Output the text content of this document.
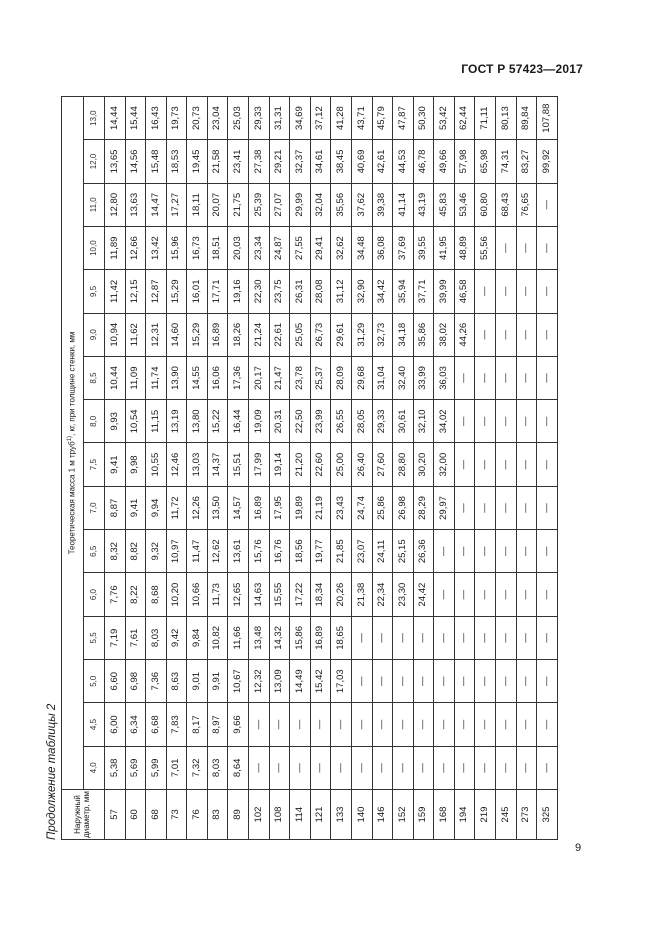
ГОСТ Р 57423—2017
Продолжение таблицы 2 Наружный диаметр, мм	Теоретическая масса 1 м труб$^{1)}$, кг, при толщине стенки, мм															
	4,0	4,5	5,0	5,5	6,0	6,5	7,0	7,5	8,0	8,5	9,0	9,5	10,0	11,0	12,0	13,0
57	5,38	6,00	6,60	7,19	7,76	8,32	8,87	9,41	9,93	10,44	10,94	11,42	11,89	12,80	13,65	14,44
60	5,69	6,34	6,98	7,61	8,22	8,82	9,41	9,98	10,54	11,09	11,62	12,15	12,66	13,63	14,56	15,44
68	5,99	6,68	7,36	8,03	8,68	9,32	9,94	10,55	11,15	11,74	12,31	12,87	13,42	14,47	15,48	16,43
73	7,01	7,83	8,63	9,42	10,20	10,97	11,72	12,46	13,19	13,90	14,60	15,29	15,96	17,27	18,53	19,73
76	7,32	8,17	9,01	9,84	10,66	11,47	12,26	13,03	13,80	14,55	15,29	16,01	16,73	18,11	19,45	20,73
83	8,03	8,97	9,91	10,82	11,73	12,62	13,50	14,37	15,22	16,06	16,89	17,71	18,51	20,07	21,58	23,04
89	8,64	9,66	10,67	11,66	12,65	13,61	14,57	15,51	16,44	17,36	18,26	19,16	20,03	21,75	23,41	25,03
102	—	—	12,32	13,48	14,63	15,76	16,89	17,99	19,09	20,17	21,24	22,30	23,34	25,39	27,38	29,33
108	—	—	13,09	14,32	15,55	16,76	17,95	19,14	20,31	21,47	22,61	23,75	24,87	27,07	29,21	31,31
114	—	—	14,49	15,86	17,22	18,56	19,89	21,20	22,50	23,78	25,05	26,31	27,55	29,99	32,37	34,69
121	—	—	15,42	16,89	18,34	19,77	21,19	22,60	23,99	25,37	26,73	28,08	29,41	32,04	34,61	37,12
133	—	—	17,03	18,65	20,26	21,85	23,43	25,00	26,55	28,09	29,61	31,12	32,62	35,56	38,45	41,28
140	—	—	—	—	21,38	23,07	24,74	26,40	28,05	29,68	31,29	32,90	34,48	37,62	40,69	43,71
146	—	—	—	—	22,34	24,11	25,86	27,60	29,33	31,04	32,73	34,42	36,08	39,38	42,61	45,79
152	—	—	—	—	23,30	25,15	26,98	28,80	30,61	32,40	34,18	35,94	37,69	41,14	44,53	47,87
159	—	—	—	—	24,42	26,36	28,29	30,20	32,10	33,99	35,86	37,71	39,55	43,19	46,78	50,30
168	—	—	—	—	—	—	29,97	32,00	34,02	36,03	38,02	39,99	41,95	45,83	49,66	53,42
194	—	—	—	—	—	—	—	—	—	—	44,26	46,58	48,89	53,46	57,98	62,44
219	—	—	—	—	—	—	—	—	—	—	—	—	55,56	60,80	65,98	71,11
245	—	—	—	—	—	—	—	—	—	—	—	—	—	68,43	74,31	80,13
273	—	—	—	—	—	—	—	—	—	—	—	—	—	76,65	83,27	89,84
325	—	—	—	—	—	—	—	—	—	—	—	—	—	—	99,92	107,88
9
